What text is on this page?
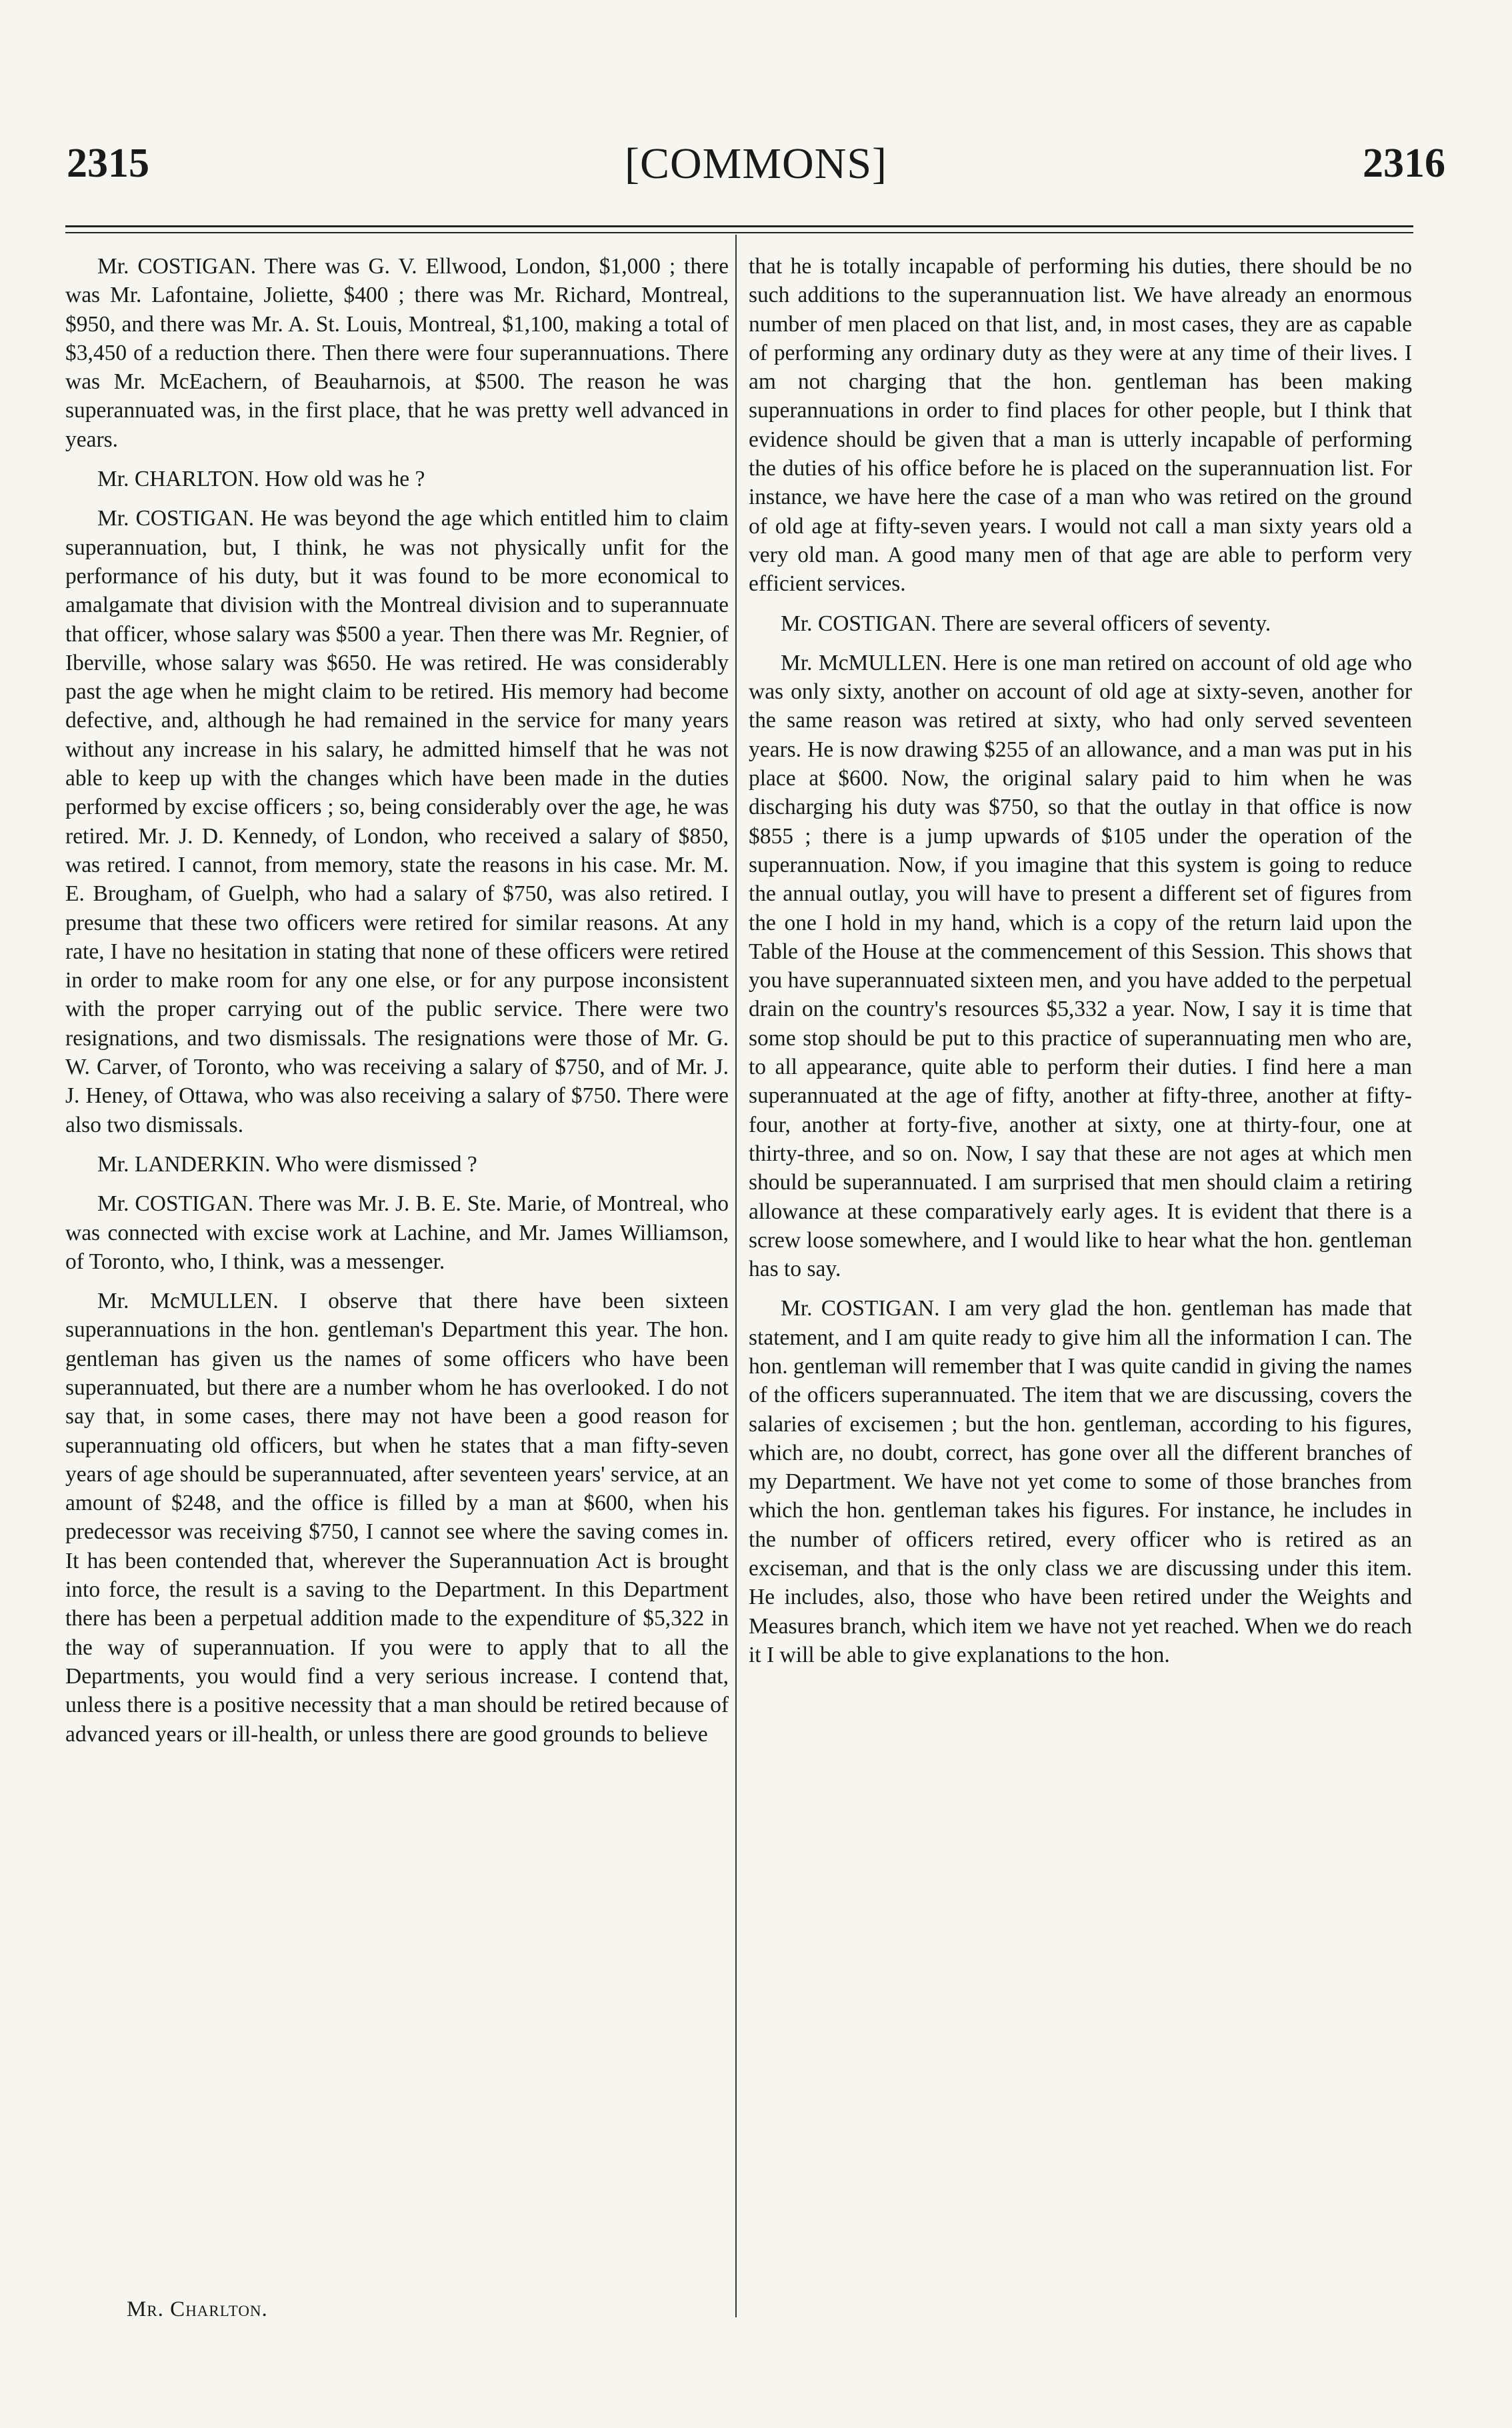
2315	[COMMONS]	2316

Mr. COSTIGAN. There was G. V. Ellwood, London, $1,000 ; there was Mr. Lafontaine, Joliette, $400 ; there was Mr. Richard, Montreal, $950, and there was Mr. A. St. Louis, Montreal, $1,100, making a total of $3,450 of a reduction there. Then there were four superannuations. There was Mr. McEachern, of Beauharnois, at $500. The reason he was superannuated was, in the first place, that he was pretty well advanced in years.

Mr. CHARLTON. How old was he ?

Mr. COSTIGAN. He was beyond the age which entitled him to claim superannuation, but, I think, he was not physically unfit for the performance of his duty, but it was found to be more economical to amalgamate that division with the Montreal division and to superannuate that officer, whose salary was $500 a year. Then there was Mr. Regnier, of Iberville, whose salary was $650. He was retired. He was considerably past the age when he might claim to be retired. His memory had become defective, and, although he had remained in the service for many years without any increase in his salary, he admitted himself that he was not able to keep up with the changes which have been made in the duties performed by excise officers ; so, being considerably over the age, he was retired. Mr. J. D. Kennedy, of London, who received a salary of $850, was retired. I cannot, from memory, state the reasons in his case. Mr. M. E. Brougham, of Guelph, who had a salary of $750, was also retired. I presume that these two officers were retired for similar reasons. At any rate, I have no hesitation in stating that none of these officers were retired in order to make room for any one else, or for any purpose inconsistent with the proper carrying out of the public service. There were two resignations, and two dismissals. The resignations were those of Mr. G. W. Carver, of Toronto, who was receiving a salary of $750, and of Mr. J. J. Heney, of Ottawa, who was also receiving a salary of $750. There were also two dismissals.

Mr. LANDERKIN. Who were dismissed ?

Mr. COSTIGAN. There was Mr. J. B. E. Ste. Marie, of Montreal, who was connected with excise work at Lachine, and Mr. James Williamson, of Toronto, who, I think, was a messenger.

Mr. McMULLEN. I observe that there have been sixteen superannuations in the hon. gentleman's Department this year. The hon. gentleman has given us the names of some officers who have been superannuated, but there are a number whom he has overlooked. I do not say that, in some cases, there may not have been a good reason for superannuating old officers, but when he states that a man fifty-seven years of age should be superannuated, after seventeen years' service, at an amount of $248, and the office is filled by a man at $600, when his predecessor was receiving $750, I cannot see where the saving comes in. It has been contended that, wherever the Superannuation Act is brought into force, the result is a saving to the Department. In this Department there has been a perpetual addition made to the expenditure of $5,322 in the way of superannuation. If you were to apply that to all the Departments, you would find a very serious increase. I contend that, unless there is a positive necessity that a man should be retired because of advanced years or ill-health, or unless there are good grounds to believe

that he is totally incapable of performing his duties, there should be no such additions to the superannuation list. We have already an enormous number of men placed on that list, and, in most cases, they are as capable of performing any ordinary duty as they were at any time of their lives. I am not charging that the hon. gentleman has been making superannuations in order to find places for other people, but I think that evidence should be given that a man is utterly incapable of performing the duties of his office before he is placed on the superannuation list. For instance, we have here the case of a man who was retired on the ground of old age at fifty-seven years. I would not call a man sixty years old a very old man. A good many men of that age are able to perform very efficient services.

Mr. COSTIGAN. There are several officers of seventy.

Mr. McMULLEN. Here is one man retired on account of old age who was only sixty, another on account of old age at sixty-seven, another for the same reason was retired at sixty, who had only served seventeen years. He is now drawing $255 of an allowance, and a man was put in his place at $600. Now, the original salary paid to him when he was discharging his duty was $750, so that the outlay in that office is now $855 ; there is a jump upwards of $105 under the operation of the superannuation. Now, if you imagine that this system is going to reduce the annual outlay, you will have to present a different set of figures from the one I hold in my hand, which is a copy of the return laid upon the Table of the House at the commencement of this Session. This shows that you have superannuated sixteen men, and you have added to the perpetual drain on the country's resources $5,332 a year. Now, I say it is time that some stop should be put to this practice of superannuating men who are, to all appearance, quite able to perform their duties. I find here a man superannuated at the age of fifty, another at fifty-three, another at fifty-four, another at forty-five, another at sixty, one at thirty-four, one at thirty-three, and so on. Now, I say that these are not ages at which men should be superannuated. I am surprised that men should claim a retiring allowance at these comparatively early ages. It is evident that there is a screw loose somewhere, and I would like to hear what the hon. gentleman has to say.

Mr. COSTIGAN. I am very glad the hon. gentleman has made that statement, and I am quite ready to give him all the information I can. The hon. gentleman will remember that I was quite candid in giving the names of the officers superannuated. The item that we are discussing, covers the salaries of excisemen ; but the hon. gentleman, according to his figures, which are, no doubt, correct, has gone over all the different branches of my Department. We have not yet come to some of those branches from which the hon. gentleman takes his figures. For instance, he includes in the number of officers retired, every officer who is retired as an exciseman, and that is the only class we are discussing under this item. He includes, also, those who have been retired under the Weights and Measures branch, which item we have not yet reached. When we do reach it I will be able to give explanations to the hon.

Mr. Charlton.
